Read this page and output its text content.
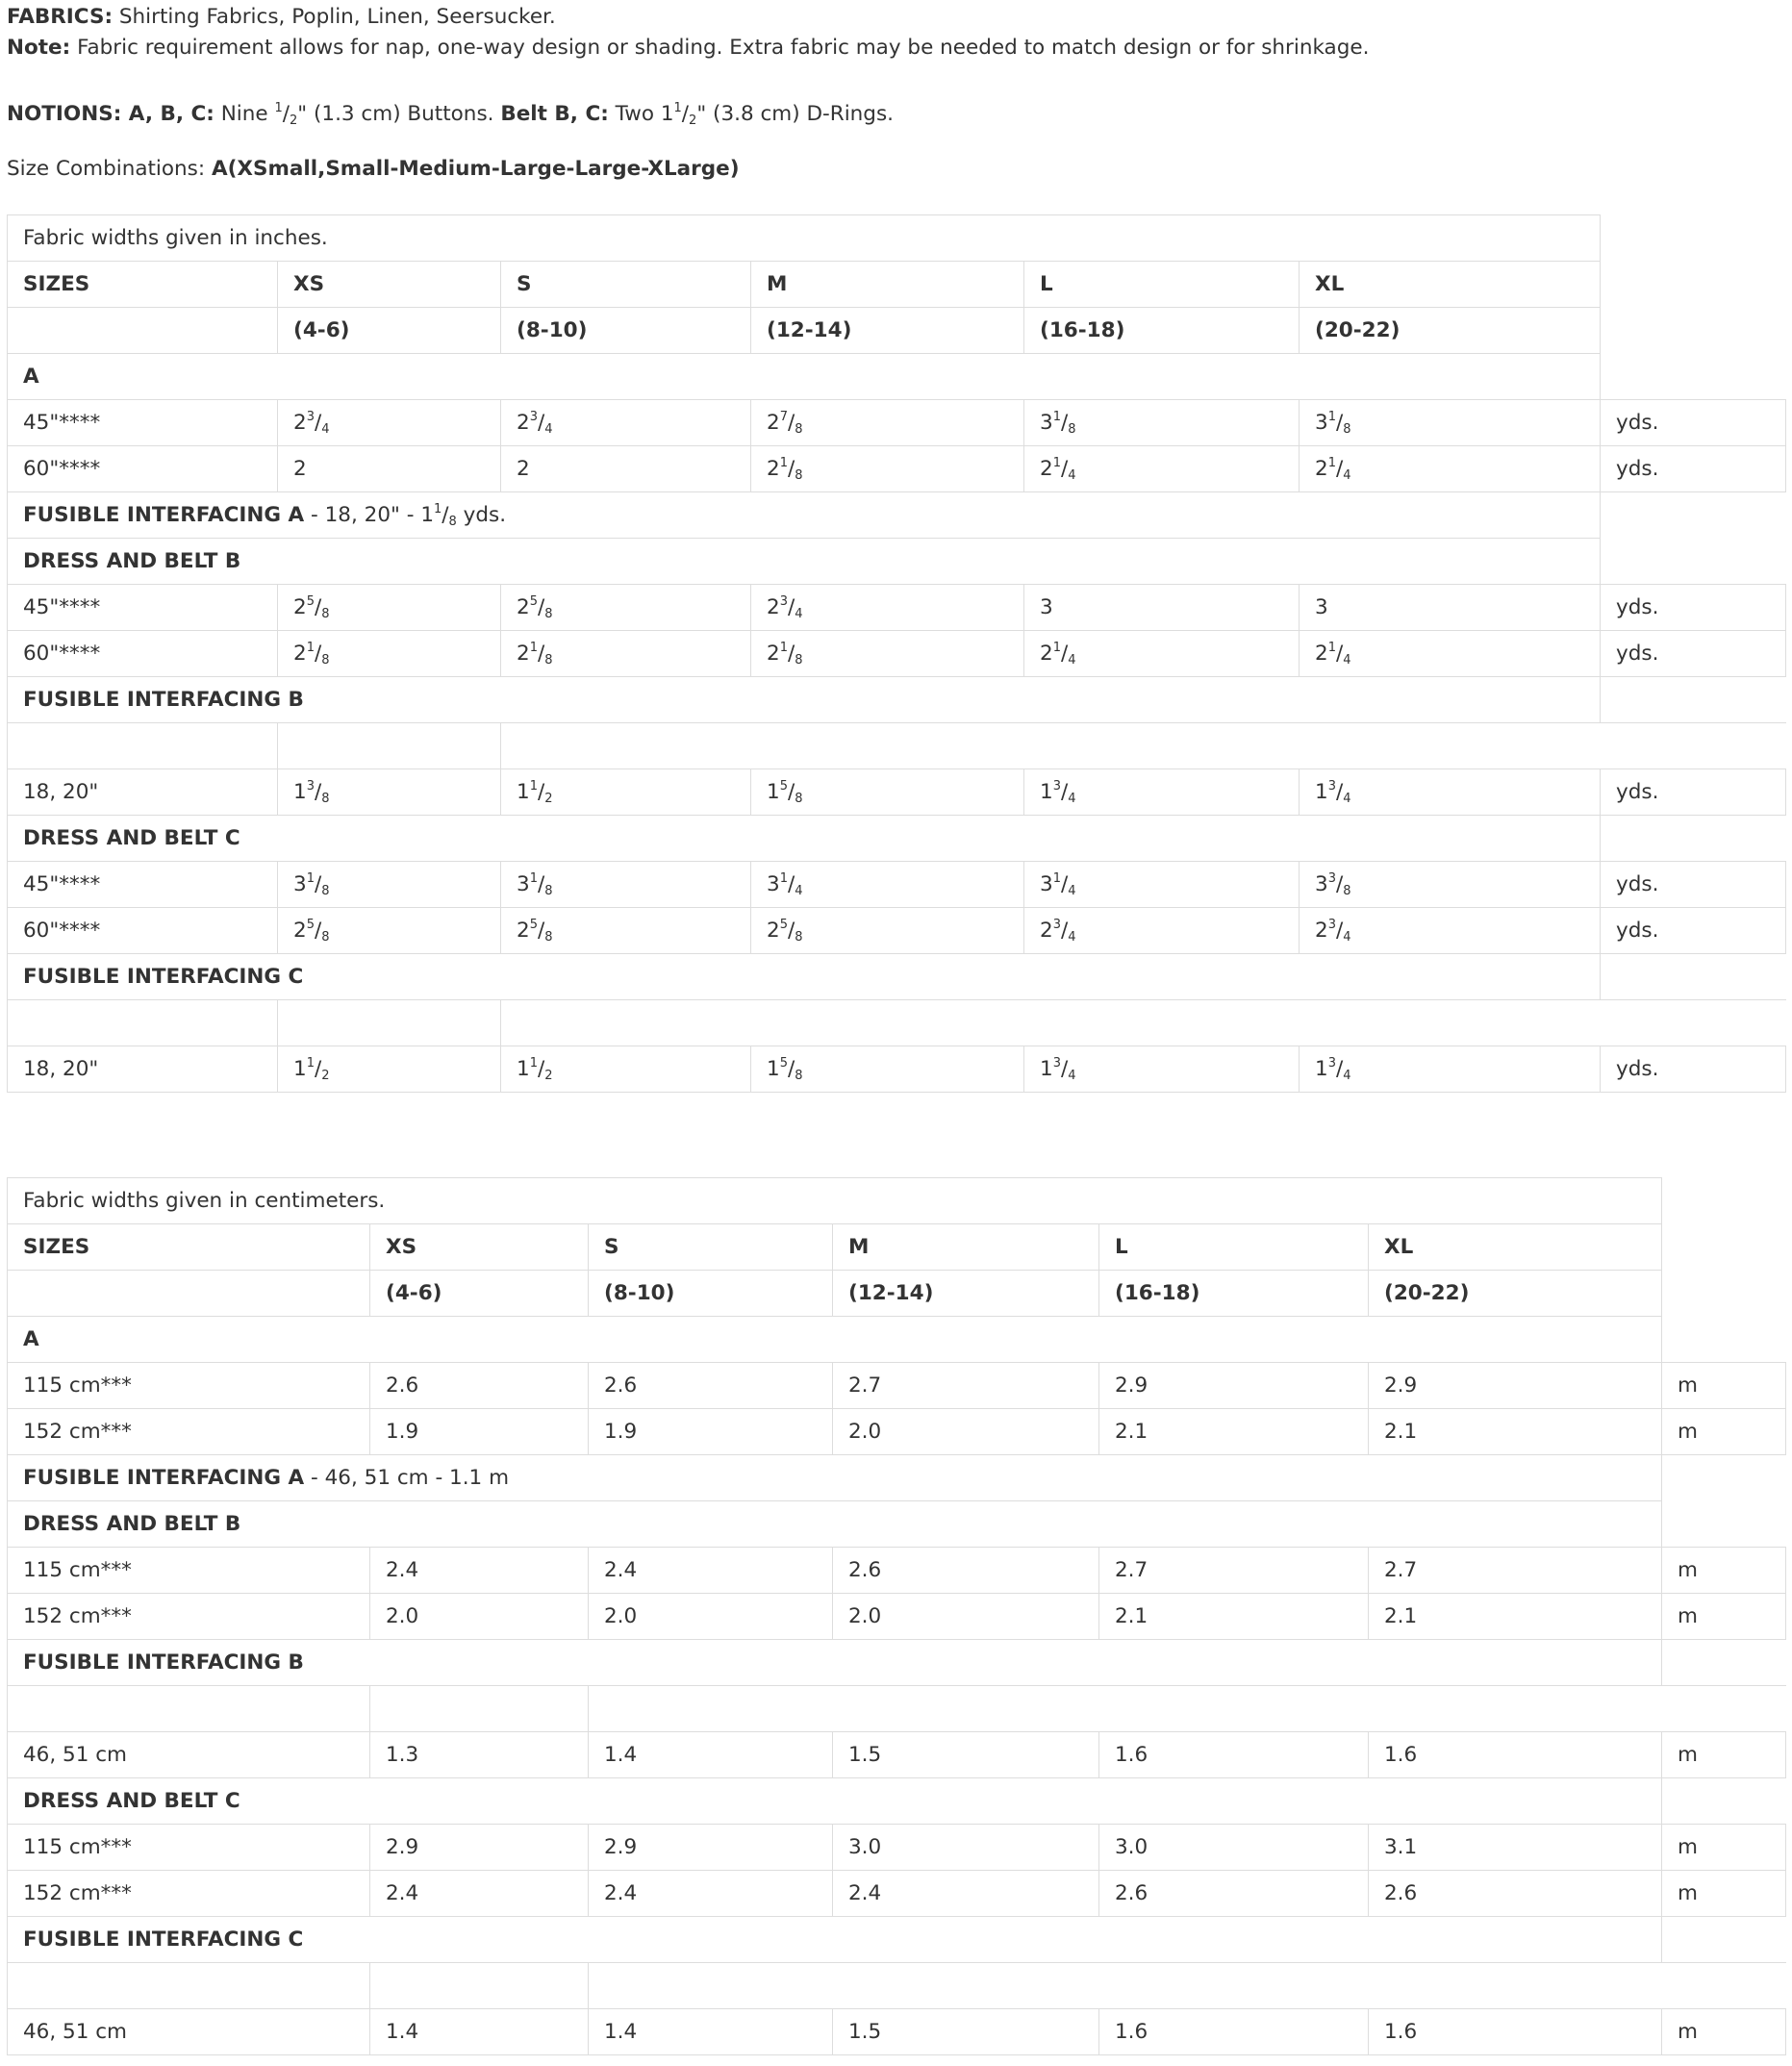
FABRICS: Shirting Fabrics, Poplin, Linen, Seersucker.
Note: Fabric requirement allows for nap, one-way design or shading. Extra fabric may be needed to match design or for shrinkage.
NOTIONS: A, B, C: Nine $^1/_2$" (1.3 cm) Buttons. Belt B, C: Two $1^1/_2$" (3.8 cm) D-Rings.
Size Combinations: A(XSmall,Small-Medium-Large-Large-XLarge)
Fabric widths given in inches.						
SIZES	XS	S	M	L	XL	
	(4-6)	(8-10)	(12-14)	(16-18)	(20-22)	
A						
45"****	$2^3/_4$	$2^3/_4$	$2^7/_8$	$3^1/_8$	$3^1/_8$	yds.
60"****	2	2	$2^1/_8$	$2^1/_4$	$2^1/_4$	yds.
FUSIBLE INTERFACING A - 18, 20" - $1^1/_8$ yds.						
DRESS AND BELT B						
45"****	$2^5/_8$	$2^5/_8$	$2^3/_4$	3	3	yds.
60"****	$2^1/_8$	$2^1/_8$	$2^1/_8$	$2^1/_4$	$2^1/_4$	yds.
FUSIBLE INTERFACING B						

18, 20"	$1^3/_8$	$1^1/_2$	$1^5/_8$	$1^3/_4$	$1^3/_4$	yds.
DRESS AND BELT C						
45"****	$3^1/_8$	$3^1/_8$	$3^1/_4$	$3^1/_4$	$3^3/_8$	yds.
60"****	$2^5/_8$	$2^5/_8$	$2^5/_8$	$2^3/_4$	$2^3/_4$	yds.
FUSIBLE INTERFACING C						

18, 20"	$1^1/_2$	$1^1/_2$	$1^5/_8$	$1^3/_4$	$1^3/_4$	yds.
Fabric widths given in centimeters.						
SIZES	XS	S	M	L	XL	
	(4-6)	(8-10)	(12-14)	(16-18)	(20-22)	
A						
115 cm***	2.6	2.6	2.7	2.9	2.9	m
152 cm***	1.9	1.9	2.0	2.1	2.1	m
FUSIBLE INTERFACING A - 46, 51 cm - 1.1 m						
DRESS AND BELT B						
115 cm***	2.4	2.4	2.6	2.7	2.7	m
152 cm***	2.0	2.0	2.0	2.1	2.1	m
FUSIBLE INTERFACING B						

46, 51 cm	1.3	1.4	1.5	1.6	1.6	m
DRESS AND BELT C						
115 cm***	2.9	2.9	3.0	3.0	3.1	m
152 cm***	2.4	2.4	2.4	2.6	2.6	m
FUSIBLE INTERFACING C						

46, 51 cm	1.4	1.4	1.5	1.6	1.6	m
